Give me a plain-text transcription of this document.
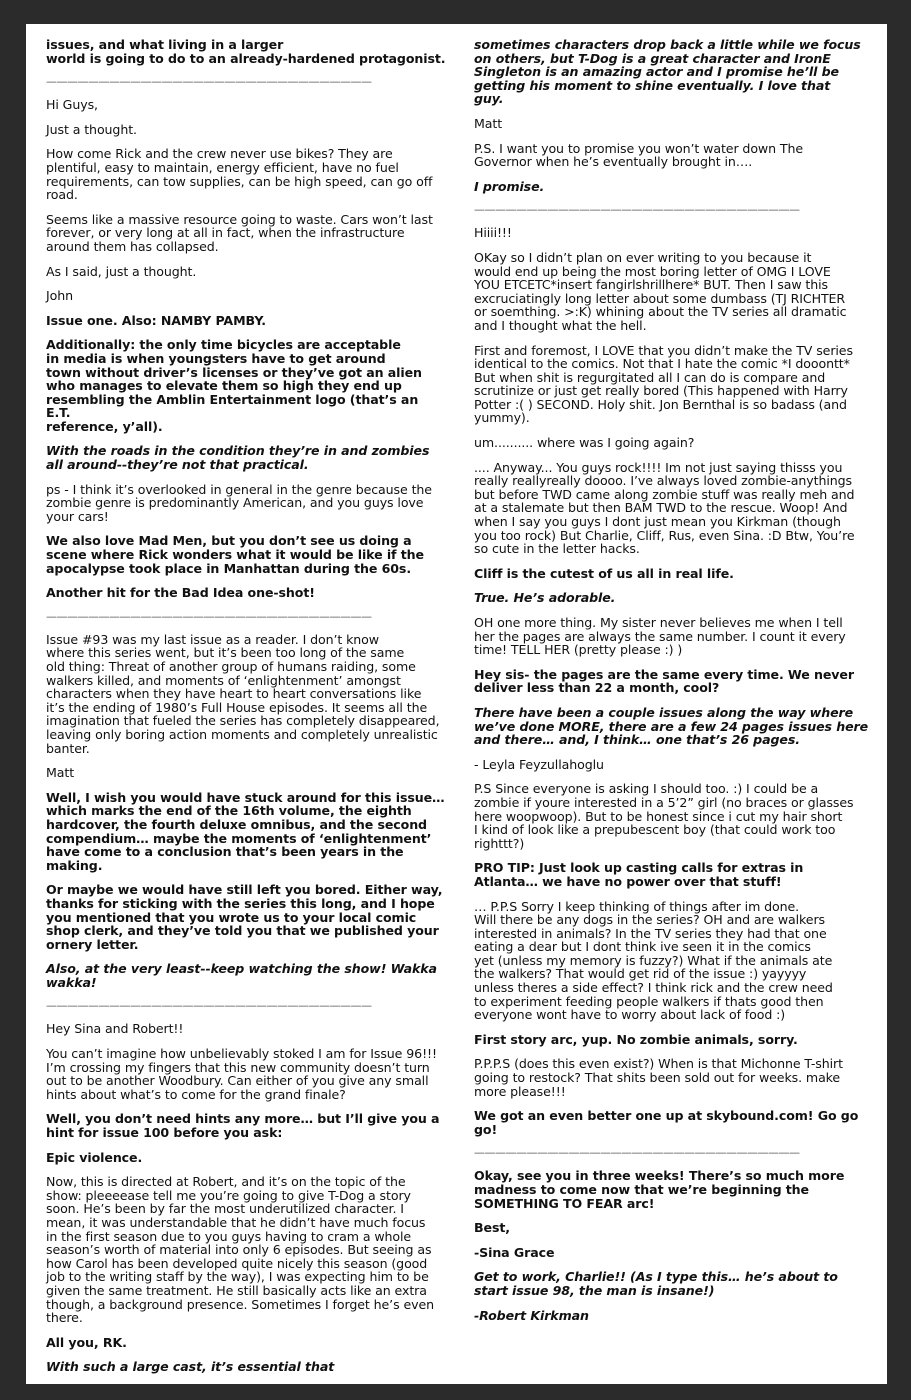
issues, and what living in a larger
world is going to do to an already-hardened protagonist.

———————————————————————————————

Hi Guys,

Just a thought.

How come Rick and the crew never use bikes? They are
plentiful, easy to maintain, energy efficient, have no fuel
requirements, can tow supplies, can be high speed, can go off
road.

Seems like a massive resource going to waste. Cars won’t last
forever, or very long at all in fact, when the infrastructure
around them has collapsed.

As I said, just a thought.

John

Issue one. Also: NAMBY PAMBY.

Additionally: the only time bicycles are acceptable
in media is when youngsters have to get around
town without driver’s licenses or they’ve got an alien
who manages to elevate them so high they end up
resembling the Amblin Entertainment logo (that’s an E.T.
reference, y’all).

With the roads in the condition they’re in and zombies
all around--they’re not that practical.

ps - I think it’s overlooked in general in the genre because the
zombie genre is predominantly American, and you guys love
your cars!

We also love Mad Men, but you don’t see us doing a
scene where Rick wonders what it would be like if the
apocalypse took place in Manhattan during the 60s.

Another hit for the Bad Idea one-shot!

———————————————————————————————

Issue #93 was my last issue as a reader. I don’t know
where this series went, but it’s been too long of the same
old thing: Threat of another group of humans raiding, some
walkers killed, and moments of ‘enlightenment’ amongst
characters when they have heart to heart conversations like
it’s the ending of 1980’s Full House episodes. It seems all the
imagination that fueled the series has completely disappeared,
leaving only boring action moments and completely unrealistic
banter.

Matt

Well, I wish you would have stuck around for this issue…
which marks the end of the 16th volume, the eighth
hardcover, the fourth deluxe omnibus, and the second
compendium… maybe the moments of ‘enlightenment’
have come to a conclusion that’s been years in the
making.

Or maybe we would have still left you bored. Either way,
thanks for sticking with the series this long, and I hope
you mentioned that you wrote us to your local comic
shop clerk, and they’ve told you that we published your
ornery letter.

Also, at the very least--keep watching the show! Wakka
wakka!

———————————————————————————————

Hey Sina and Robert!!

You can’t imagine how unbelievably stoked I am for Issue 96!!!
I’m crossing my fingers that this new community doesn’t turn
out to be another Woodbury. Can either of you give any small
hints about what’s to come for the grand finale?

Well, you don’t need hints any more… but I’ll give you a
hint for issue 100 before you ask:

Epic violence.

Now, this is directed at Robert, and it’s on the topic of the
show: pleeeease tell me you’re going to give T-Dog a story
soon. He’s been by far the most underutilized character. I
mean, it was understandable that he didn’t have much focus
in the first season due to you guys having to cram a whole
season’s worth of material into only 6 episodes. But seeing as
how Carol has been developed quite nicely this season (good
job to the writing staff by the way), I was expecting him to be
given the same treatment. He still basically acts like an extra
though, a background presence. Sometimes I forget he’s even
there.

All you, RK.

With such a large cast, it’s essential that

sometimes characters drop back a little while we focus
on others, but T-Dog is a great character and IronE
Singleton is an amazing actor and I promise he’ll be
getting his moment to shine eventually. I love that
guy.

Matt

P.S. I want you to promise you won’t water down The
Governor when he’s eventually brought in….

I promise.

———————————————————————————————

Hiiii!!!

OKay so I didn’t plan on ever writing to you because it
would end up being the most boring letter of OMG I LOVE
YOU ETCETC*insert fangirlshrillhere* BUT. Then I saw this
excruciatingly long letter about some dumbass (TJ RICHTER
or soemthing. >:K) whining about the TV series all dramatic
and I thought what the hell.

First and foremost, I LOVE that you didn’t make the TV series
identical to the comics. Not that I hate the comic *I dooontt*
But when shit is regurgitated all I can do is compare and
scrutinize or just get really bored (This happened with Harry
Potter :( ) SECOND. Holy shit. Jon Bernthal is so badass (and
yummy).

um.......... where was I going again?

.... Anyway... You guys rock!!!! Im not just saying thisss you
really reallyreally doooo. I’ve always loved zombie-anythings
but before TWD came along zombie stuff was really meh and
at a stalemate but then BAM TWD to the rescue. Woop! And
when I say you guys I dont just mean you Kirkman (though
you too rock) But Charlie, Cliff, Rus, even Sina. :D Btw, You’re
so cute in the letter hacks.

Cliff is the cutest of us all in real life.

True. He’s adorable.

OH one more thing. My sister never believes me when I tell
her the pages are always the same number. I count it every
time! TELL HER (pretty please :) )

Hey sis- the pages are the same every time. We never
deliver less than 22 a month, cool?

There have been a couple issues along the way where
we’ve done MORE, there are a few 24 pages issues here
and there… and, I think… one that’s 26 pages.

- Leyla Feyzullahoglu

P.S Since everyone is asking I should too. :) I could be a
zombie if youre interested in a 5’2” girl (no braces or glasses
here woopwoop). But to be honest since i cut my hair short
I kind of look like a prepubescent boy (that could work too
righttt?)

PRO TIP: Just look up casting calls for extras in
Atlanta… we have no power over that stuff!

… P.P.S Sorry I keep thinking of things after im done.
Will there be any dogs in the series? OH and are walkers
interested in animals? In the TV series they had that one
eating a dear but I dont think ive seen it in the comics
yet (unless my memory is fuzzy?) What if the animals ate
the walkers? That would get rid of the issue :) yayyyy
unless theres a side effect? I think rick and the crew need
to experiment feeding people walkers if thats good then
everyone wont have to worry about lack of food :)

First story arc, yup. No zombie animals, sorry.

P.P.P.S (does this even exist?) When is that Michonne T-shirt
going to restock? That shits been sold out for weeks. make
more please!!!

We got an even better one up at skybound.com! Go go
go!

———————————————————————————————

Okay, see you in three weeks! There’s so much more
madness to come now that we’re beginning the
SOMETHING TO FEAR arc!

Best,

-Sina Grace

Get to work, Charlie!! (As I type this… he’s about to
start issue 98, the man is insane!)

-Robert Kirkman
